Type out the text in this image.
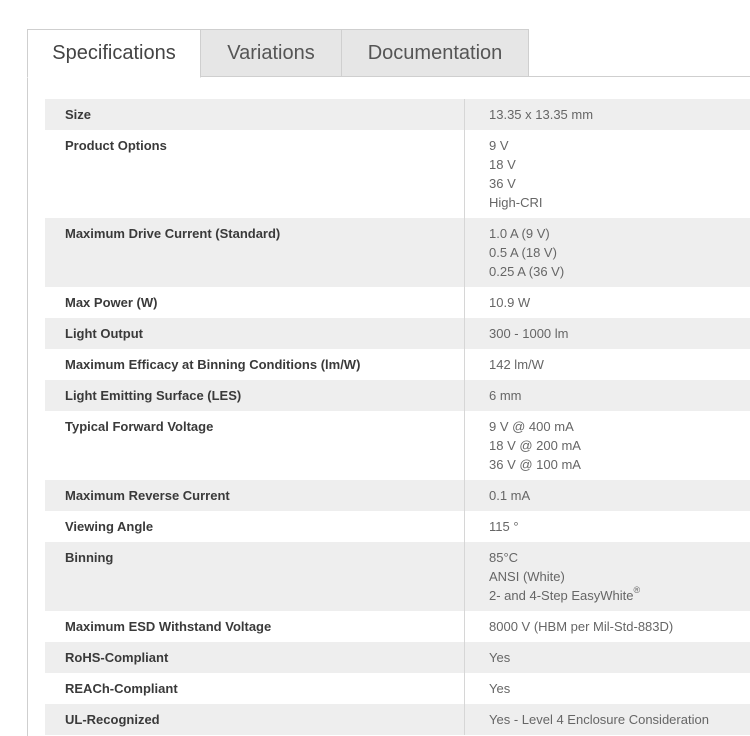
Specifications	Variations	Documentation
Size	13.35 x 13.35 mm

Product Options	9 V
18 V
36 V
High-CRI

Maximum Drive Current (Standard)	1.0 A (9 V)
0.5 A (18 V)
0.25 A (36 V)

Max Power (W)	10.9 W

Light Output	300 - 1000 lm

Maximum Efficacy at Binning Conditions (lm/W)	142 lm/W

Light Emitting Surface (LES)	6 mm

Typical Forward Voltage	9 V @ 400 mA
18 V @ 200 mA
36 V @ 100 mA

Maximum Reverse Current	0.1 mA

Viewing Angle	115 °

Binning	85°C
ANSI (White)
2- and 4-Step EasyWhite®

Maximum ESD Withstand Voltage	8000 V (HBM per Mil-Std-883D)

RoHS-Compliant	Yes

REACh-Compliant	Yes

UL-Recognized	Yes - Level 4 Enclosure Consideration
